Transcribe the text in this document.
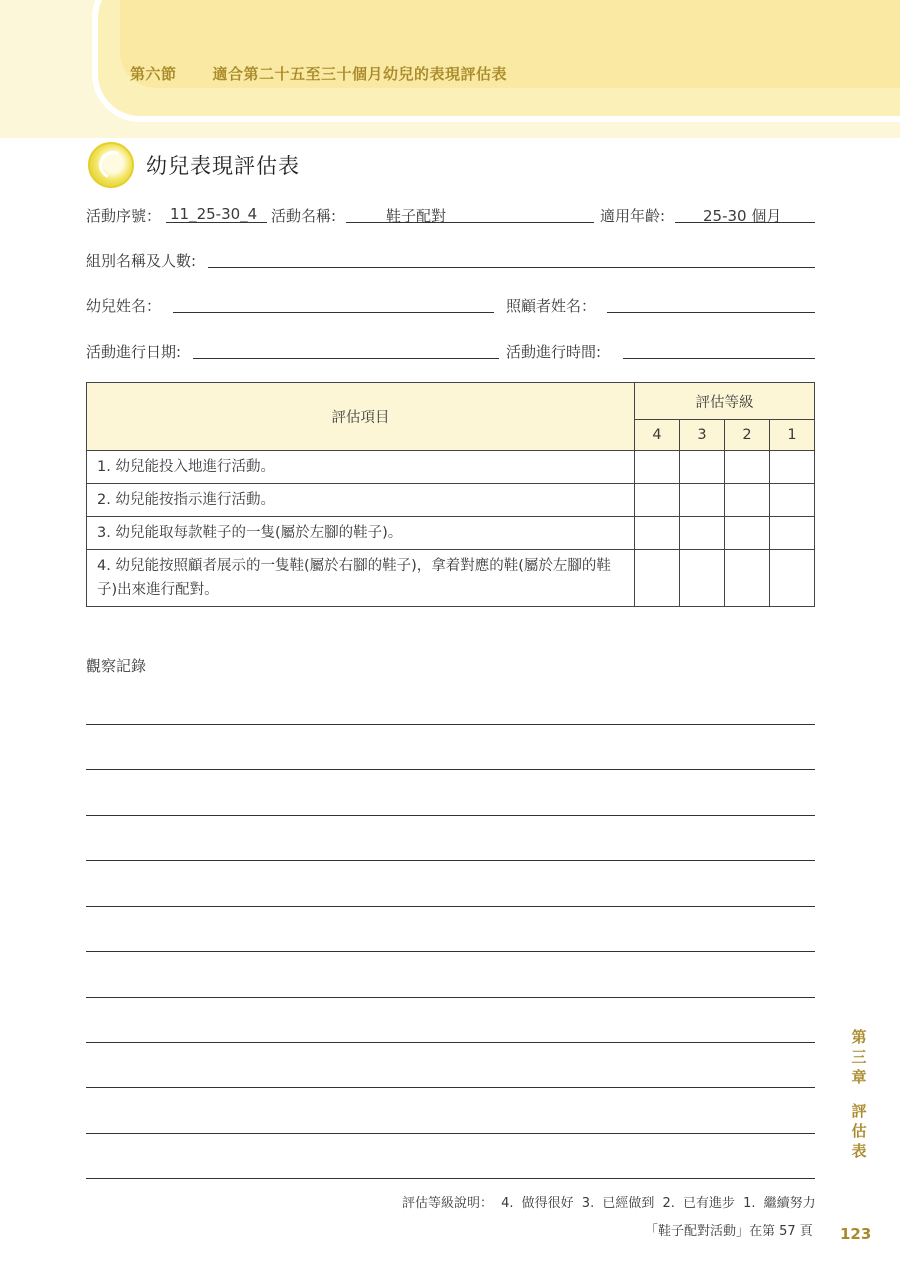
第六節 適合第二十五至三十個月幼兒的表現評估表
幼兒表現評估表
活動序號： 11_25-30_4 活動名稱:	鞋子配對	適用年齡:	25-30 個月
組別名稱及人數:
幼兒姓名：	照顧者姓名：
活動進行日期:	活動進行時間:
評估項目	評估等級			
	4	3	2	1
1. 幼兒能投入地進行活動。				
2. 幼兒能按指示進行活動。				
3. 幼兒能取每款鞋子的一隻(屬於左腳的鞋子)。				
4. 幼兒能按照顧者展示的一隻鞋(屬於右腳的鞋子)，拿着對應的鞋(屬於左腳的鞋子)出來進行配對。				
觀察記錄
第
三
章
評
估
表
評估等級說明： 4. 做得很好 3. 已經做到 2. 已有進步 1. 繼續努力
「鞋子配對活動」在第 57 頁 123
